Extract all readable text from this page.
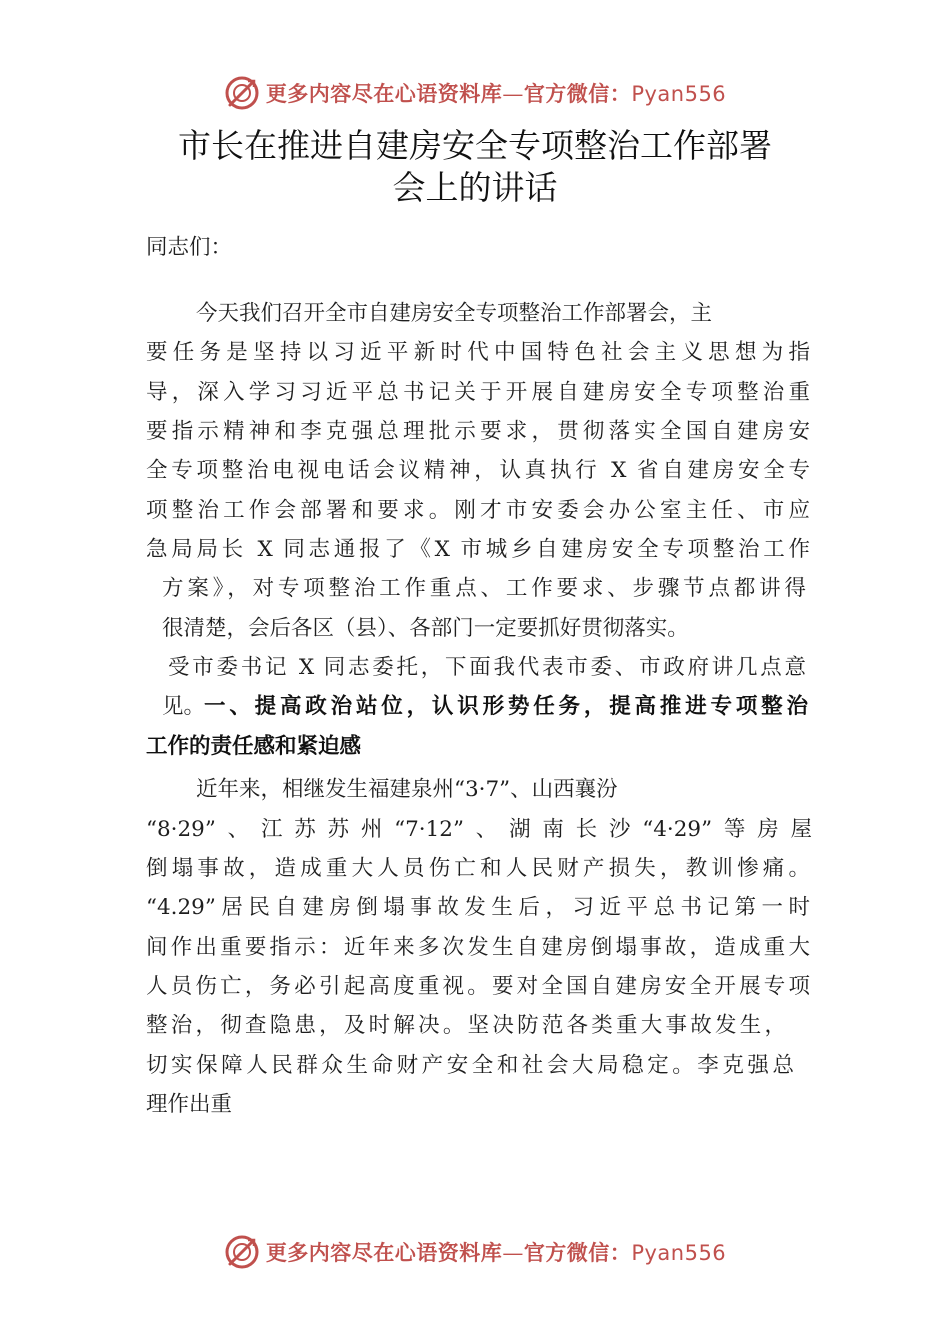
更多内容尽在心语资料库—官方微信：Pyan556
市长在推进自建房安全专项整治工作部署
会上的讲话
同志们：
今天我们召开全市自建房安全专项整治工作部署会，主
要任务是坚持以习近平新时代中国特色社会主义思想为指
导，深入学习习近平总书记关于开展自建房安全专项整治重
要指示精神和李克强总理批示要求，贯彻落实全国自建房安
全专项整治电视电话会议精神，认真执行 X 省自建房安全专
项整治工作会部署和要求。刚才市安委会办公室主任、市应
急局局长 X 同志通报了《X 市城乡自建房安全专项整治工作
方案》，对专项整治工作重点、工作要求、步骤节点都讲得
很清楚，会后各区（县）、各部门一定要抓好贯彻落实。
受市委书记 X 同志委托，下面我代表市委、市政府讲几点意
见。
一、提高政治站位，认识形势任务，提高推进专项整治
工作的责任感和紧迫感
近年来，相继发生福建泉州“3·7”、山西襄汾
“8·29”、江苏苏州“7·12”、湖南长沙“4·29”等房屋
倒塌事故，造成重大人员伤亡和人民财产损失，教训惨痛。
“4.29”居民自建房倒塌事故发生后，习近平总书记第一时
间作出重要指示：近年来多次发生自建房倒塌事故，造成重大
人员伤亡，务必引起高度重视。要对全国自建房安全开展专项
整治，彻查隐患，及时解决。坚决防范各类重大事故发生，
切实保障人民群众生命财产安全和社会大局稳定。李克强总
理作出重
更多内容尽在心语资料库—官方微信：Pyan556
